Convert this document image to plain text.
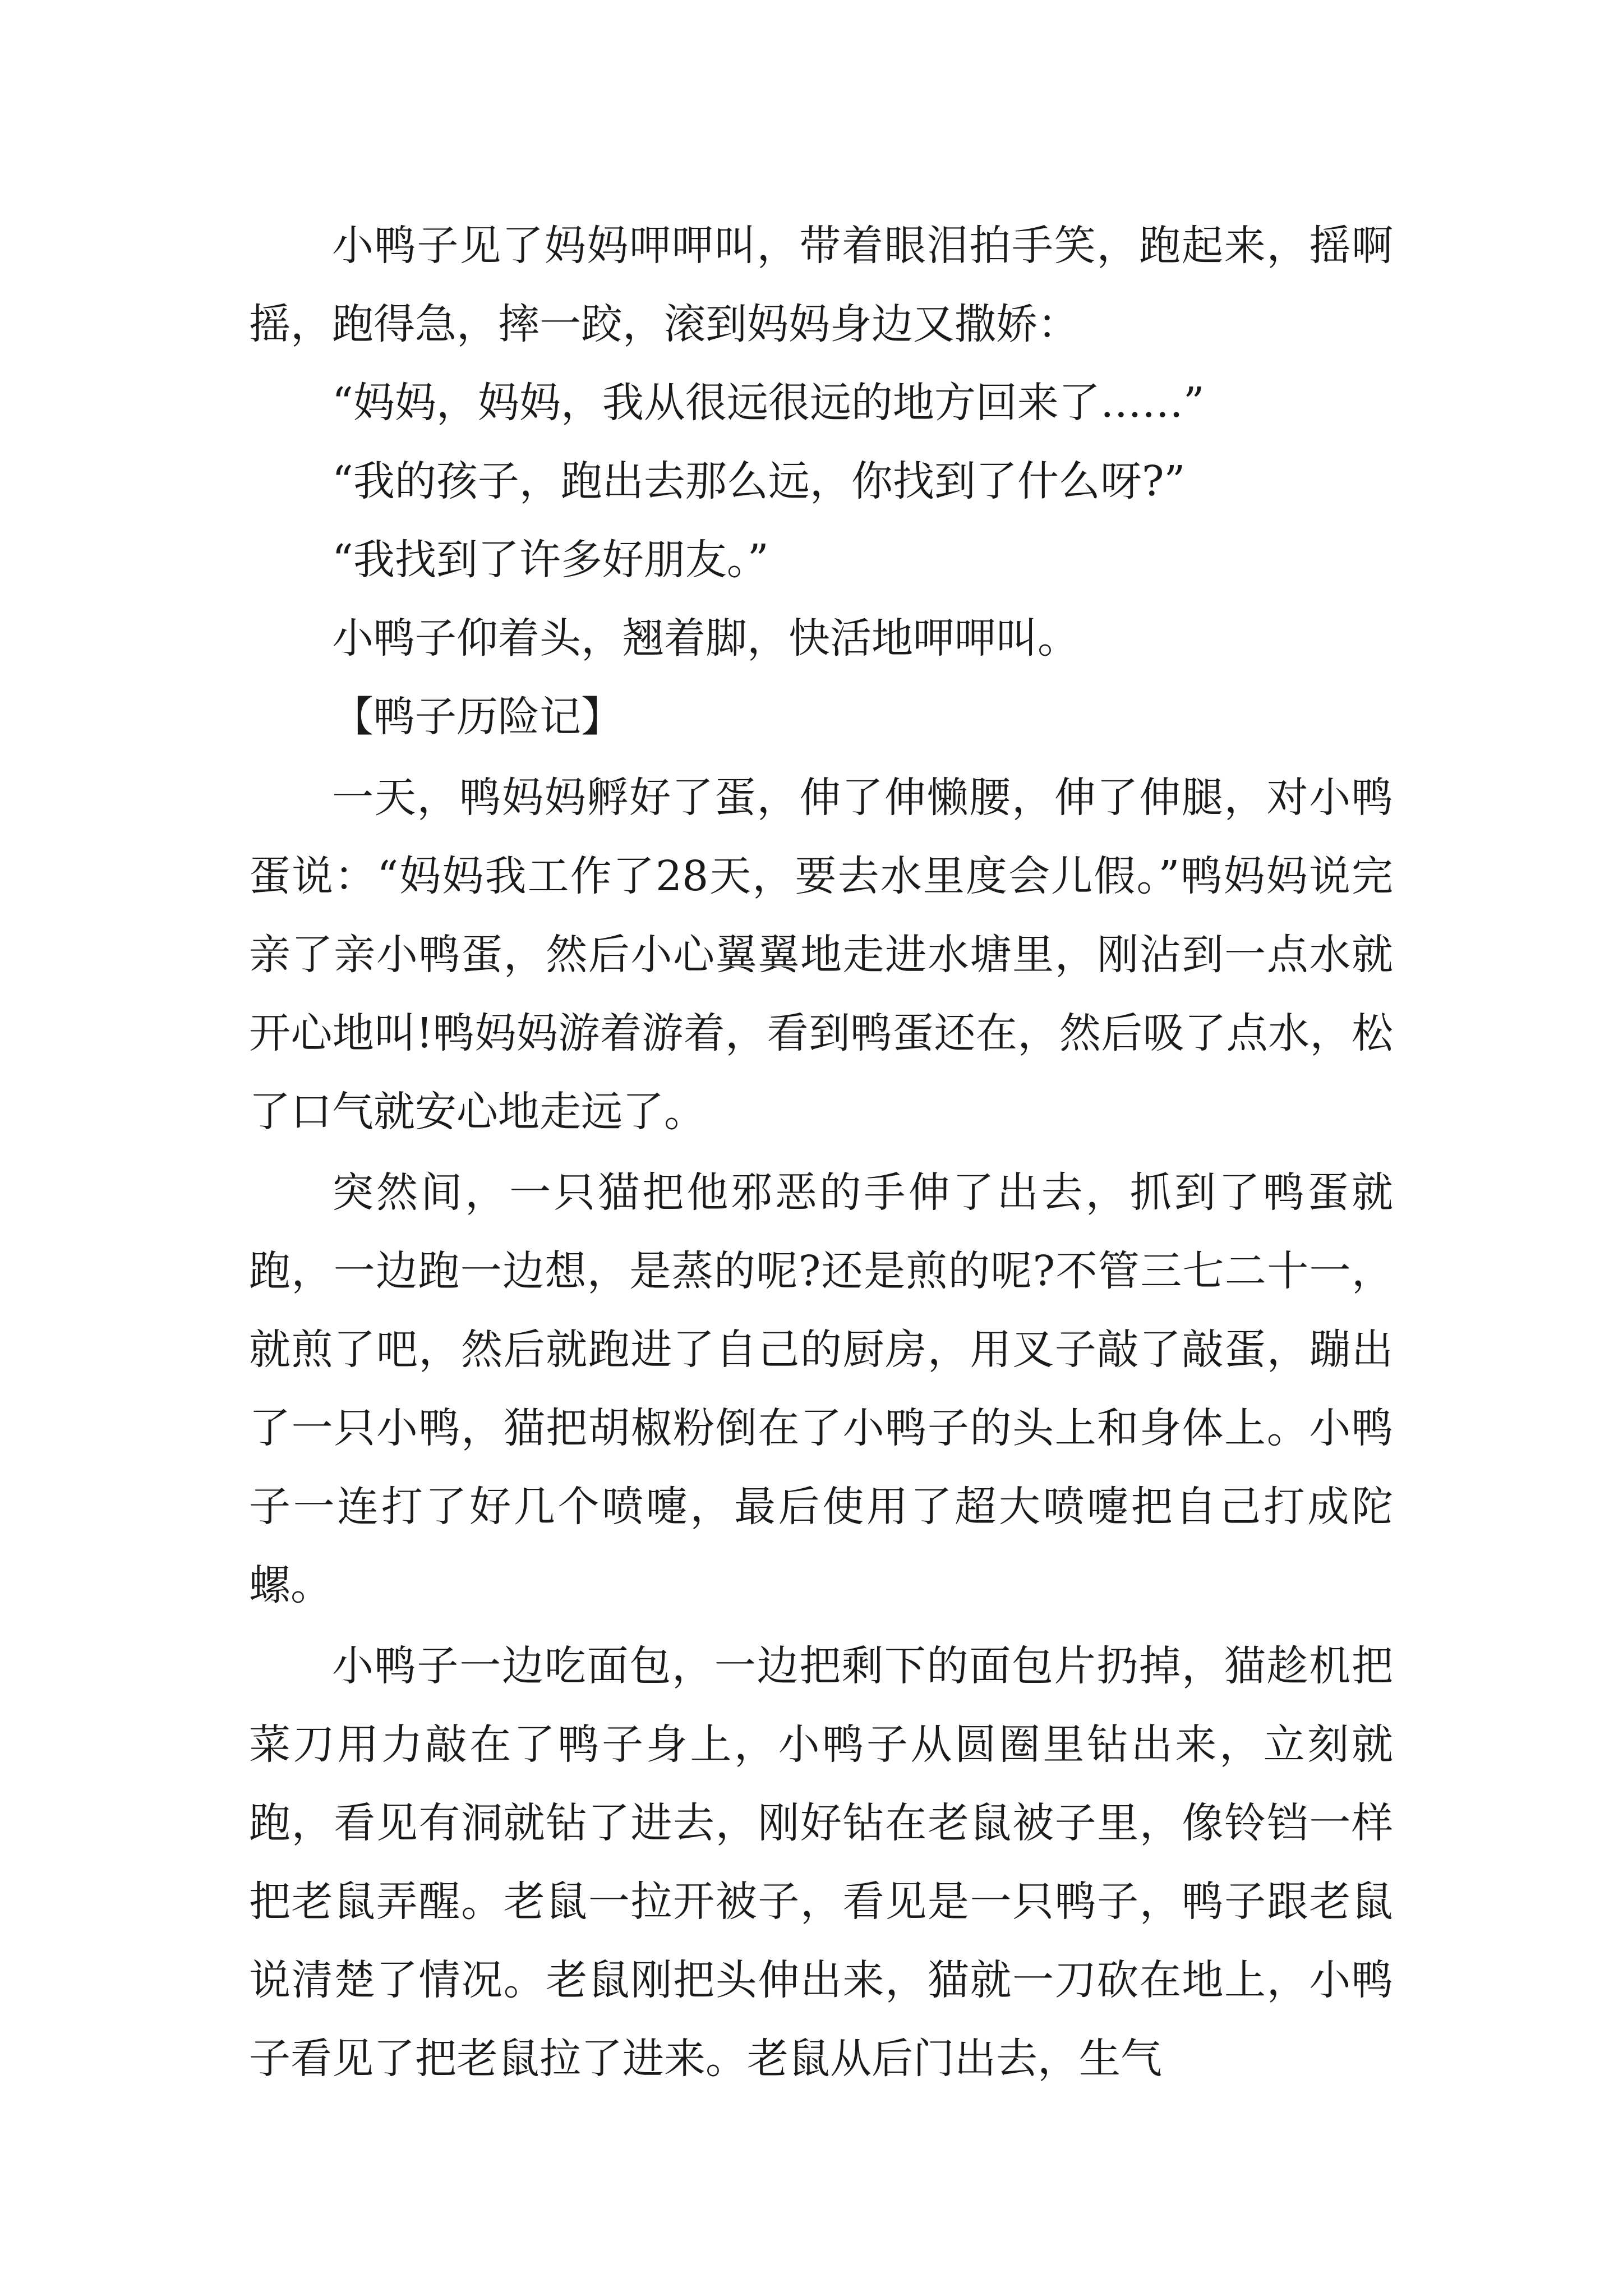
小鸭子见了妈妈呷呷叫，带着眼泪拍手笑，跑起来，摇啊摇，跑得急，摔一跤，滚到妈妈身边又撒娇：

“妈妈，妈妈，我从很远很远的地方回来了……”

“我的孩子，跑出去那么远，你找到了什么呀?”

“我找到了许多好朋友。”

小鸭子仰着头，翘着脚，快活地呷呷叫。

【鸭子历险记】

一天，鸭妈妈孵好了蛋，伸了伸懒腰，伸了伸腿，对小鸭蛋说：“妈妈我工作了28天，要去水里度会儿假。”鸭妈妈说完亲了亲小鸭蛋，然后小心翼翼地走进水塘里，刚沾到一点水就开心地叫!鸭妈妈游着游着，看到鸭蛋还在，然后吸了点水，松了口气就安心地走远了。

突然间，一只猫把他邪恶的手伸了出去，抓到了鸭蛋就跑，一边跑一边想，是蒸的呢?还是煎的呢?不管三七二十一，就煎了吧，然后就跑进了自己的厨房，用叉子敲了敲蛋，蹦出了一只小鸭，猫把胡椒粉倒在了小鸭子的头上和身体上。小鸭子一连打了好几个喷嚏，最后使用了超大喷嚏把自己打成陀螺。

小鸭子一边吃面包，一边把剩下的面包片扔掉，猫趁机把菜刀用力敲在了鸭子身上，小鸭子从圆圈里钻出来，立刻就跑，看见有洞就钻了进去，刚好钻在老鼠被子里，像铃铛一样把老鼠弄醒。老鼠一拉开被子，看见是一只鸭子，鸭子跟老鼠说清楚了情况。老鼠刚把头伸出来，猫就一刀砍在地上，小鸭子看见了把老鼠拉了进来。老鼠从后门出去，生气
